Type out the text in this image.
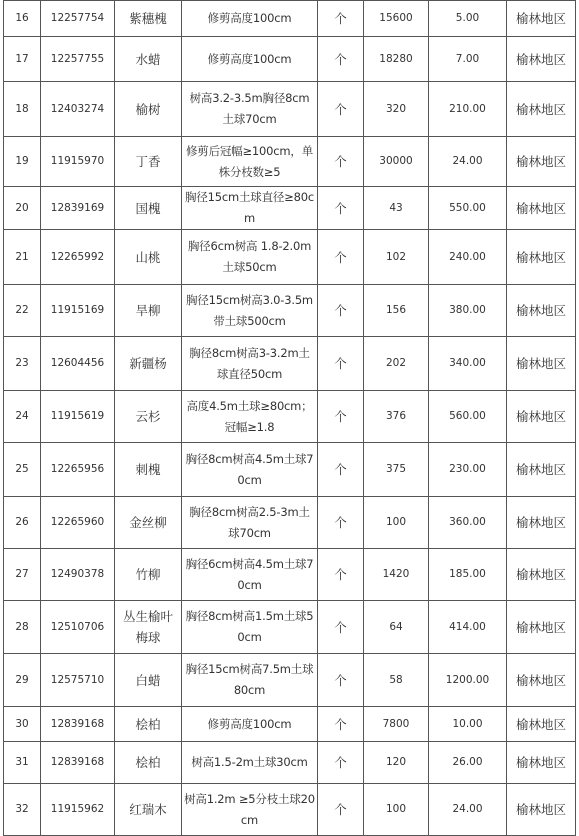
16	12257754	紫穗槐	修剪高度100cm	个	15600	5.00	榆林地区
17	12257755	水蜡	修剪高度100cm	个	18280	7.00	榆林地区
18	12403274	榆树	树高3.2-3.5m胸径8cm土球70cm	个	320	210.00	榆林地区
19	11915970	丁香	修剪后冠幅≥100cm，单株分枝数≥5	个	30000	24.00	榆林地区
20	12839169	国槐	胸径15cm土球直径≥80cm	个	43	550.00	榆林地区
21	12265992	山桃	胸径6cm树高 1.8-2.0m土球50cm	个	102	240.00	榆林地区
22	11915169	旱柳	胸径15cm树高3.0-3.5m带土球500cm	个	156	380.00	榆林地区
23	12604456	新疆杨	胸径8cm树高3-3.2m土球直径50cm	个	202	340.00	榆林地区
24	11915619	云杉	高度4.5m土球≥80cm；冠幅≥1.8	个	376	560.00	榆林地区
25	12265956	刺槐	胸径8cm树高4.5m土球70cm	个	375	230.00	榆林地区
26	12265960	金丝柳	胸径8cm树高2.5-3m土球70cm	个	100	360.00	榆林地区
27	12490378	竹柳	胸径6cm树高4.5m土球70cm	个	1420	185.00	榆林地区
28	12510706	丛生榆叶梅球	胸径8cm树高1.5m土球50cm	个	64	414.00	榆林地区
29	12575710	白蜡	胸径15cm树高7.5m土球80cm	个	58	1200.00	榆林地区
30	12839168	桧柏	修剪高度100cm	个	7800	10.00	榆林地区
31	12839168	桧柏	树高1.5-2m土球30cm	个	120	26.00	榆林地区
32	11915962	红瑞木	树高1.2m ≥5分枝土球20cm	个	100	24.00	榆林地区
